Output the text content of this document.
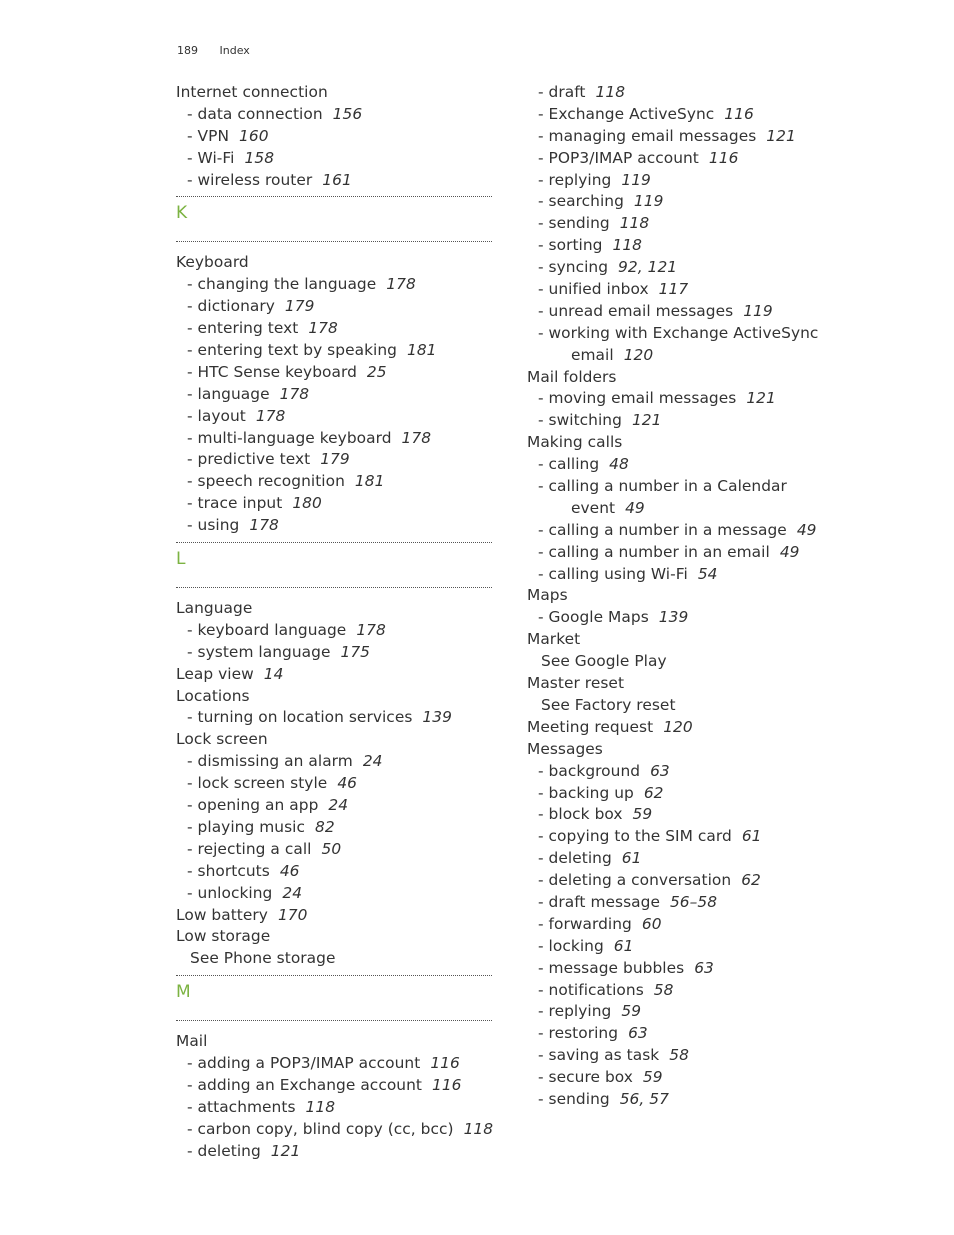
189 Index
Internet connection
- data connection 156
- VPN 160
- Wi-Fi 158
- wireless router 161
K
Keyboard
- changing the language 178
- dictionary 179
- entering text 178
- entering text by speaking 181
- HTC Sense keyboard 25
- language 178
- layout 178
- multi-language keyboard 178
- predictive text 179
- speech recognition 181
- trace input 180
- using 178
L
Language
- keyboard language 178
- system language 175
Leap view 14
Locations
- turning on location services 139
Lock screen
- dismissing an alarm 24
- lock screen style 46
- opening an app 24
- playing music 82
- rejecting a call 50
- shortcuts 46
- unlocking 24
Low battery 170
Low storage
See Phone storage
M
Mail
- adding a POP3/IMAP account 116
- adding an Exchange account 116
- attachments 118
- carbon copy, blind copy (cc, bcc) 118
- deleting 121
- draft 118
- Exchange ActiveSync 116
- managing email messages 121
- POP3/IMAP account 116
- replying 119
- searching 119
- sending 118
- sorting 118
- syncing 92, 121
- unified inbox 117
- unread email messages 119
- working with Exchange ActiveSync
email 120
Mail folders
- moving email messages 121
- switching 121
Making calls
- calling 48
- calling a number in a Calendar
event 49
- calling a number in a message 49
- calling a number in an email 49
- calling using Wi-Fi 54
Maps
- Google Maps 139
Market
See Google Play
Master reset
See Factory reset
Meeting request 120
Messages
- background 63
- backing up 62
- block box 59
- copying to the SIM card 61
- deleting 61
- deleting a conversation 62
- draft message 56–58
- forwarding 60
- locking 61
- message bubbles 63
- notifications 58
- replying 59
- restoring 63
- saving as task 58
- secure box 59
- sending 56, 57
